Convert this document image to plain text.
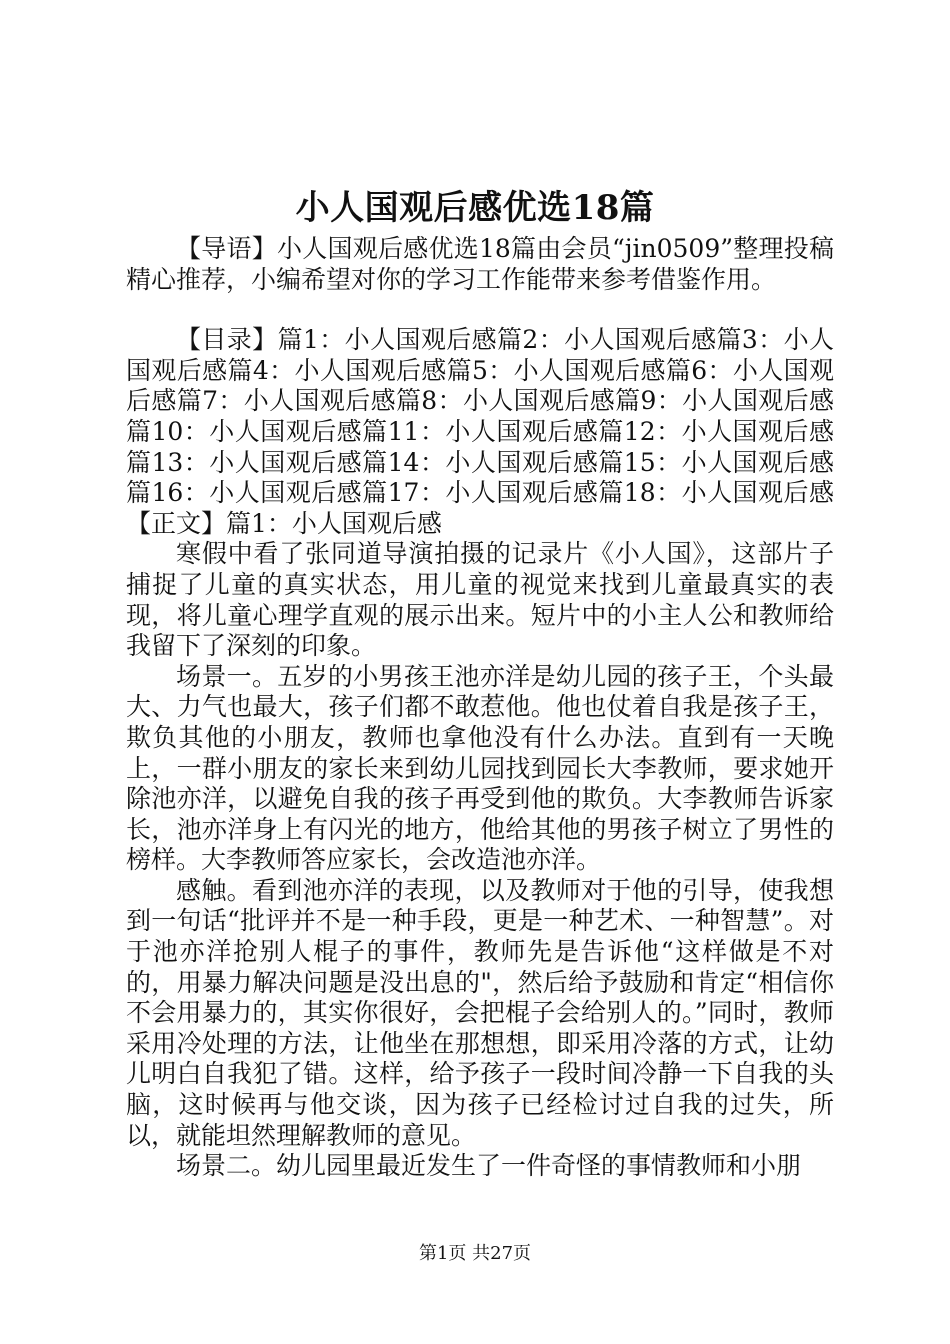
小人国观后感优选18篇

【导语】小人国观后感优选18篇由会员“jin0509”整理投稿精心推荐，小编希望对你的学习工作能带来参考借鉴作用。

【目录】篇1：小人国观后感篇2：小人国观后感篇3：小人国观后感篇4：小人国观后感篇5：小人国观后感篇6：小人国观后感篇7：小人国观后感篇8：小人国观后感篇9：小人国观后感篇10：小人国观后感篇11：小人国观后感篇12：小人国观后感篇13：小人国观后感篇14：小人国观后感篇15：小人国观后感篇16：小人国观后感篇17：小人国观后感篇18：小人国观后感【正文】篇1：小人国观后感

寒假中看了张同道导演拍摄的记录片《小人国》，这部片子捕捉了儿童的真实状态，用儿童的视觉来找到儿童最真实的表现，将儿童心理学直观的展示出来。短片中的小主人公和教师给我留下了深刻的印象。

场景一。五岁的小男孩王池亦洋是幼儿园的孩子王，个头最大、力气也最大，孩子们都不敢惹他。他也仗着自我是孩子王，欺负其他的小朋友，教师也拿他没有什么办法。直到有一天晚上，一群小朋友的家长来到幼儿园找到园长大李教师，要求她开除池亦洋，以避免自我的孩子再受到他的欺负。大李教师告诉家长，池亦洋身上有闪光的地方，他给其他的男孩子树立了男性的榜样。大李教师答应家长，会改造池亦洋。

感触。看到池亦洋的表现，以及教师对于他的引导，使我想到一句话“批评并不是一种手段，更是一种艺术、一种智慧”。对于池亦洋抢别人棍子的事件，教师先是告诉他“这样做是不对的，用暴力解决问题是没出息的"，然后给予鼓励和肯定“相信你不会用暴力的，其实你很好，会把棍子会给别人的。”同时，教师采用冷处理的方法，让他坐在那想想，即采用冷落的方式，让幼儿明白自我犯了错。这样，给予孩子一段时间冷静一下自我的头脑，这时候再与他交谈，因为孩子已经检讨过自我的过失，所以，就能坦然理解教师的意见。

场景二。幼儿园里最近发生了一件奇怪的事情教师和小朋

第1页 共27页
